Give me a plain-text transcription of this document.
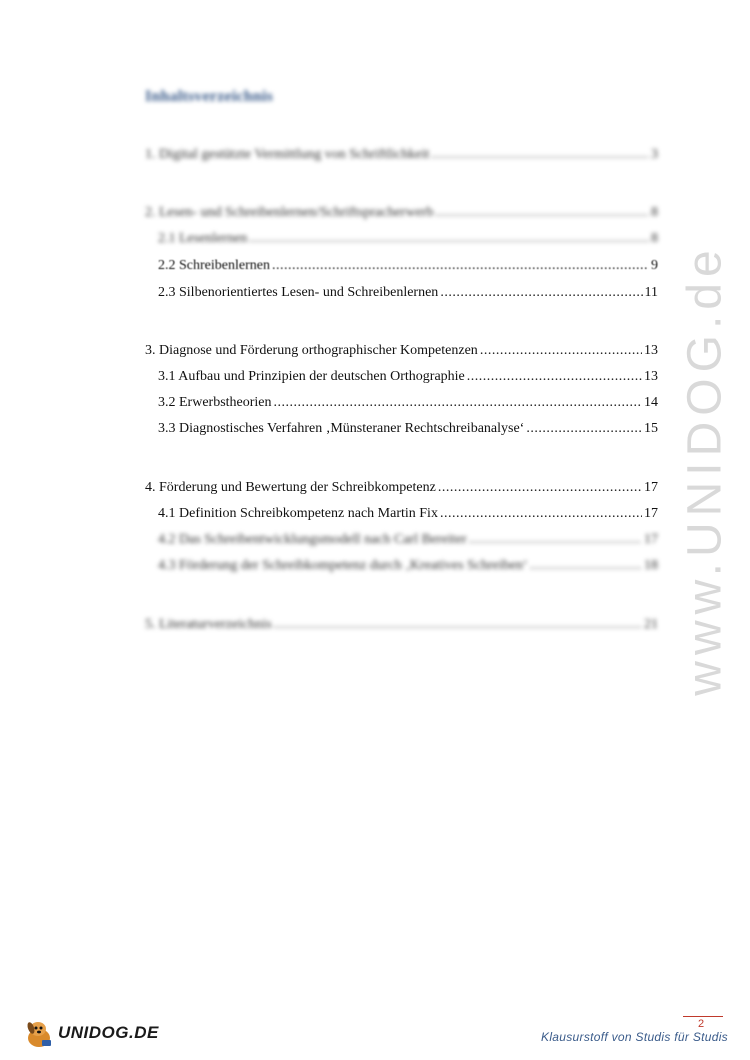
www.UNIDOG.de
Inhaltsverzeichnis
1. Digital gestützte Vermittlung von Schriftlichkeit .....	3
2. Lesen- und Schreibenlernen/Schriftspracherwerb .....	8
2.1 Lesenlernen .....	8
2.2 Schreibenlernen .....	9
2.3 Silbenorientiertes Lesen- und Schreibenlernen .....	11
3. Diagnose und Förderung orthographischer Kompetenzen .....	13
3.1 Aufbau und Prinzipien der deutschen Orthographie .....	13
3.2 Erwerbstheorien .....	14
3.3 Diagnostisches Verfahren ‚Münsteraner Rechtschreibanalyse‘ .....	15
4. Förderung und Bewertung der Schreibkompetenz .....	17
4.1 Definition Schreibkompetenz nach Martin Fix .....	17
4.2 Das Schreibentwicklungsmodell nach Carl Bereiter .....	17
4.3 Förderung der Schreibkompetenz durch ‚Kreatives Schreiben‘ .....	18
5. Literaturverzeichnis .....	21
UNIDOG.DE	2
Klausurstoff von Studis für Studis
